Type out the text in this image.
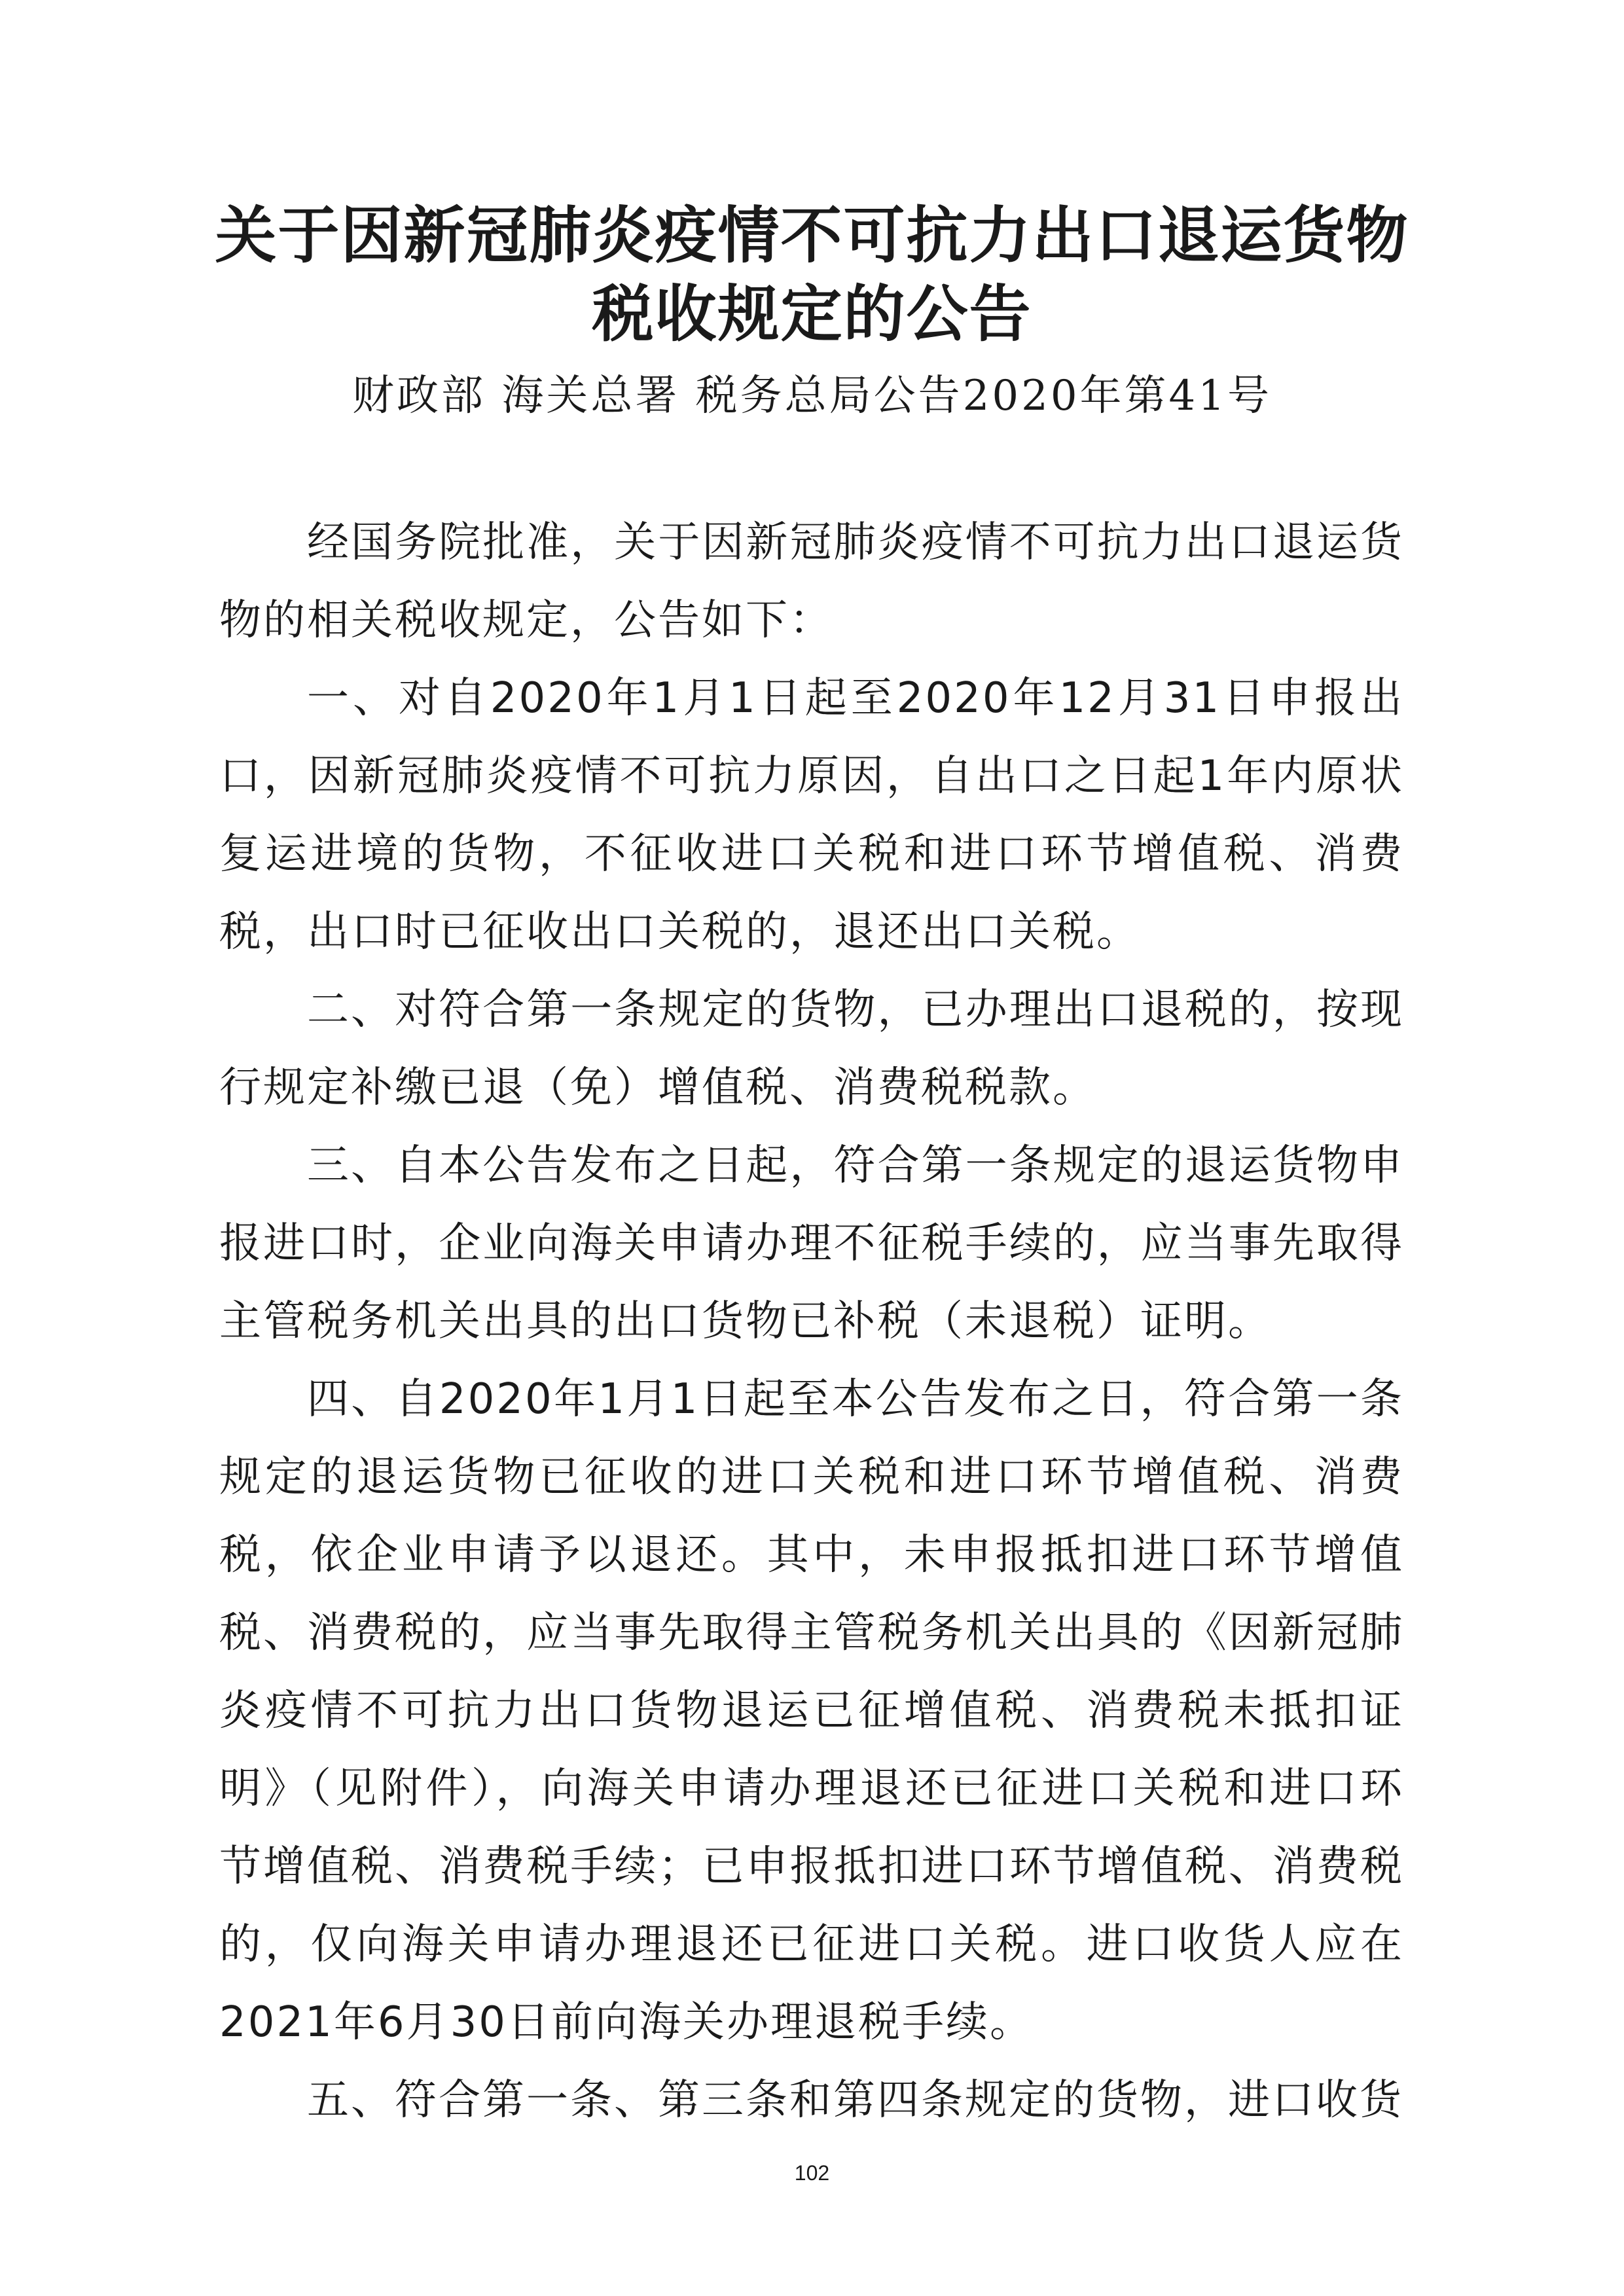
关于因新冠肺炎疫情不可抗力出口退运货物
税收规定的公告
财政部 海关总署 税务总局公告2020年第41号

经国务院批准，关于因新冠肺炎疫情不可抗力出口退运货物的相关税收规定，公告如下：

一、对自2020年1月1日起至2020年12月31日申报出口，因新冠肺炎疫情不可抗力原因，自出口之日起1年内原状复运进境的货物，不征收进口关税和进口环节增值税、消费税，出口时已征收出口关税的，退还出口关税。

二、对符合第一条规定的货物，已办理出口退税的，按现行规定补缴已退（免）增值税、消费税税款。

三、自本公告发布之日起，符合第一条规定的退运货物申报进口时，企业向海关申请办理不征税手续的，应当事先取得主管税务机关出具的出口货物已补税（未退税）证明。

四、自2020年1月1日起至本公告发布之日，符合第一条规定的退运货物已征收的进口关税和进口环节增值税、消费税，依企业申请予以退还。其中，未申报抵扣进口环节增值税、消费税的，应当事先取得主管税务机关出具的《因新冠肺炎疫情不可抗力出口货物退运已征增值税、消费税未抵扣证明》（见附件），向海关申请办理退还已征进口关税和进口环节增值税、消费税手续；已申报抵扣进口环节增值税、消费税的，仅向海关申请办理退还已征进口关税。进口收货人应在2021年6月30日前向海关办理退税手续。

五、符合第一条、第三条和第四条规定的货物，进口收货

102
